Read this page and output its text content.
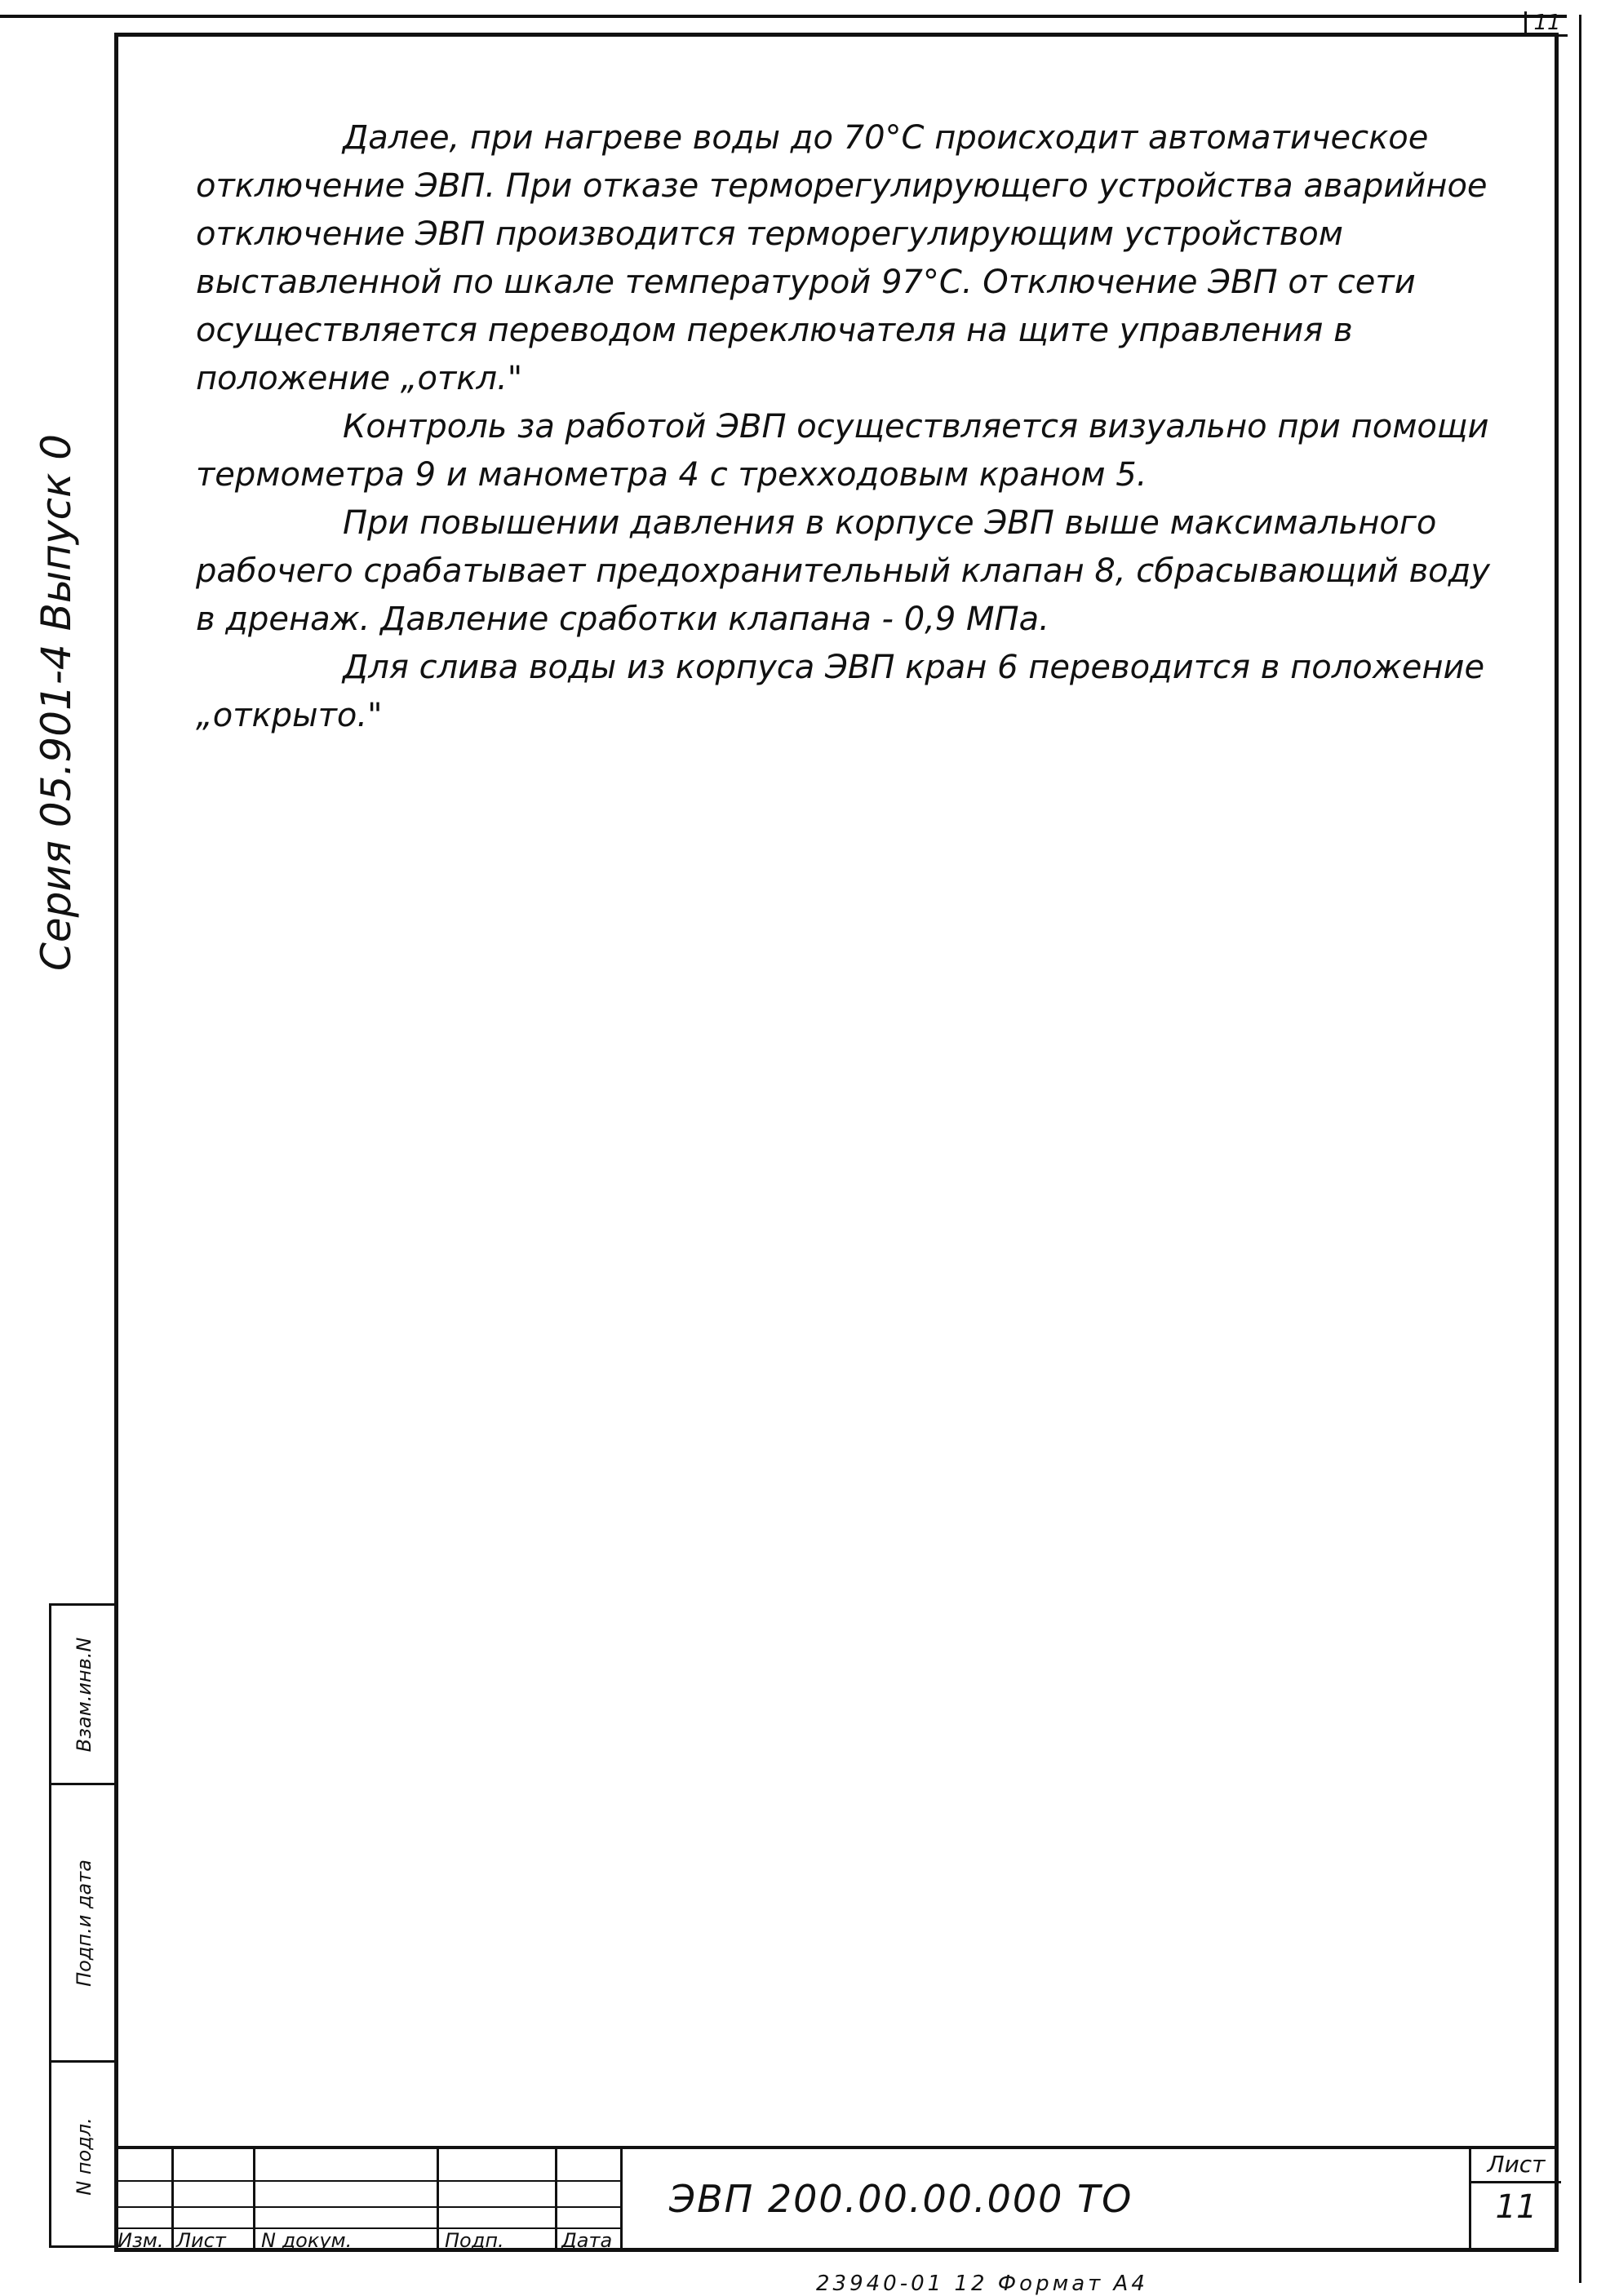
11
Серия 05.901-4 Выпуск 0

Далее, при нагреве воды до 70°С происходит автоматическое отключение ЭВП. При отказе терморегулирующего устройства аварийное отключение ЭВП производится терморегулирующим устройством выставленной по шкале температурой 97°С. Отключение ЭВП от сети осуществляется переводом переключателя на щите управления в положение „откл."

Контроль за работой ЭВП осуществляется визуально при помощи термометра 9 и манометра 4 с трехходовым краном 5.

При повышении давления в корпусе ЭВП выше максимального рабочего срабатывает предохранительный клапан 8, сбрасывающий воду в дренаж. Давление сработки клапана - 0,9 МПа.

Для слива воды из корпуса ЭВП кран 6 переводится в положение „открыто."

Взам.инв.N
Подп.и дата
N подл.
Изм. Лист N докум.	Подп.	Дата
ЭВП 200.00.00.000 ТО
Лист
11
23940-01 12 Формат А4
